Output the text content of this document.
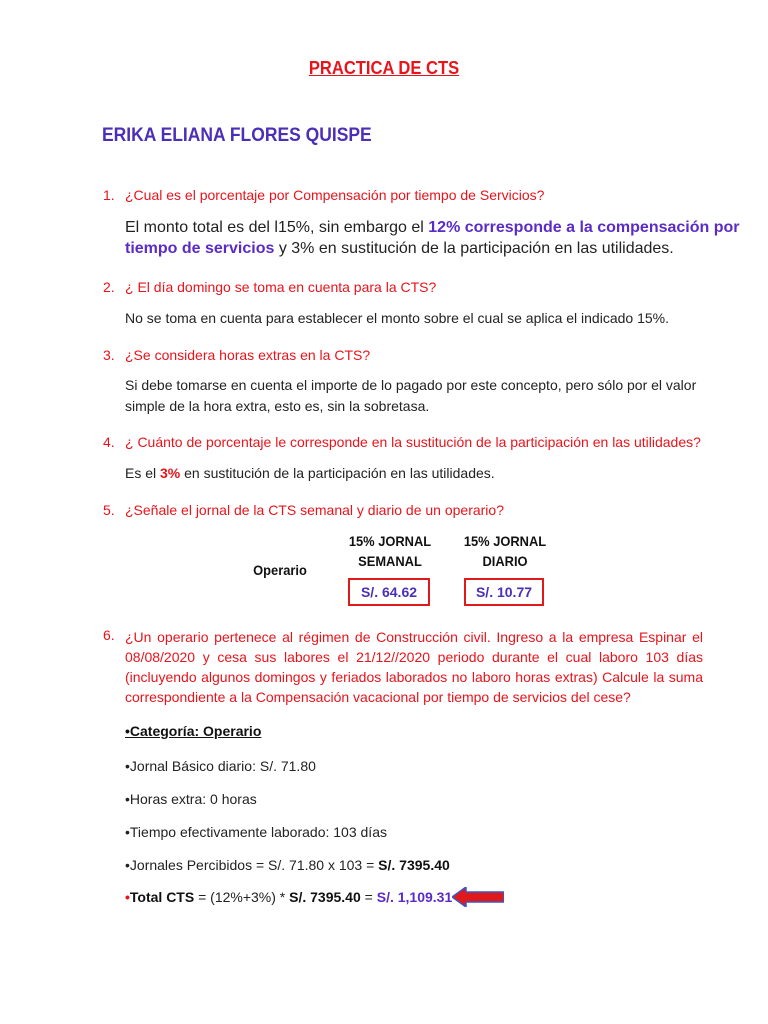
PRACTICA DE CTS
ERIKA ELIANA FLORES QUISPE
1. ¿Cual es el porcentaje por Compensación por tiempo de Servicios?
El monto total es del l15%, sin embargo el 12% corresponde a la compensación por
tiempo de servicios y 3% en sustitución de la participación en las utilidades.
2. ¿ El día domingo se toma en cuenta para la CTS?
No se toma en cuenta para establecer el monto sobre el cual se aplica el indicado 15%.
3. ¿Se considera horas extras en la CTS?
Si debe tomarse en cuenta el importe de lo pagado por este concepto, pero sólo por el valor
simple de la hora extra, esto es, sin la sobretasa.
4. ¿ Cuánto de porcentaje le corresponde en la sustitución de la participación en las utilidades?
Es el 3% en sustitución de la participación en las utilidades.
5. ¿Señale el jornal de la CTS semanal y diario de un operario?
Operario
15% JORNAL
SEMANAL
15% JORNAL
DIARIO
S/. 64.62	S/. 10.77
6. ¿Un operario pertenece al régimen de Construcción civil. Ingreso a la empresa Espinar el 08/08/2020 y cesa sus labores el 21/12//2020 periodo durante el cual laboro 103 días (incluyendo algunos domingos y feriados laborados no laboro horas extras) Calcule la suma correspondiente a la Compensación vacacional por tiempo de servicios del cese?
•Categoría: Operario
•Jornal Básico diario: S/. 71.80
•Horas extra: 0 horas
•Tiempo efectivamente laborado: 103 días
•Jornales Percibidos = S/. 71.80 x 103 = S/. 7395.40
•Total CTS = (12%+3%) * S/. 7395.40 = S/. 1,109.31
